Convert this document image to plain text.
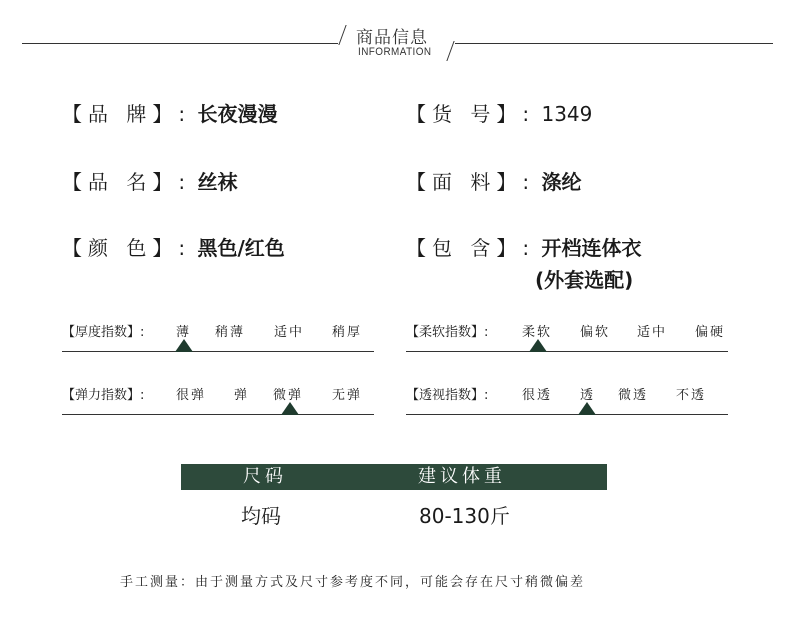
商品信息
INFORMATION
【品 牌】: 长夜漫漫	【货 号】: 1349
【品 名】: 丝袜	【面 料】: 涤纶
【颜 色】: 黑色/红色	【包 含】: 开档连体衣
(外套选配)
【厚度指数】: 薄 稍薄 适中 稍厚	【柔软指数】:	柔软 偏软 适中 偏硬
【弹力指数】: 很弹 弹 微弹 无弹	【透视指数】:	很透 透 微透 不透
尺码	建议体重
均码	80-130斤
手工测量：由于测量方式及尺寸参考度不同，可能会存在尺寸稍微偏差
